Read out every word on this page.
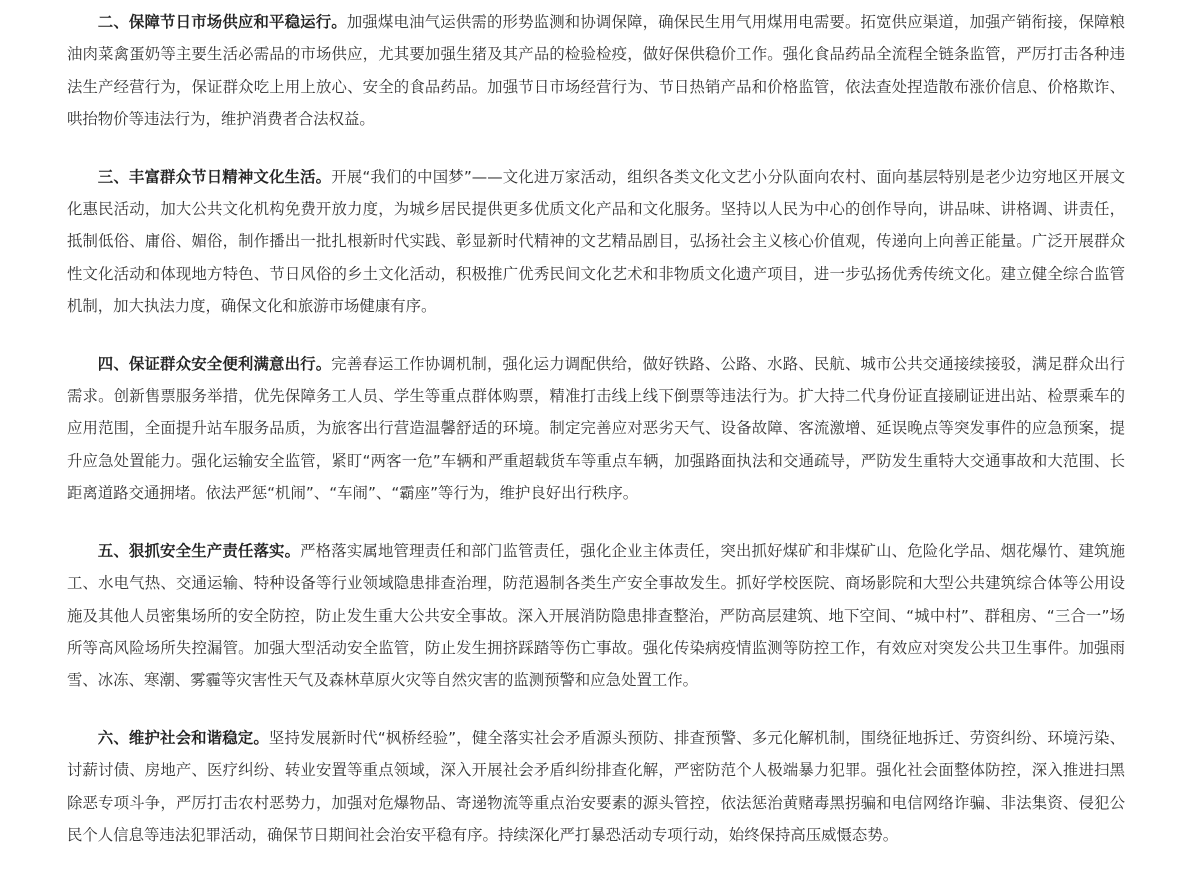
二、保障节日市场供应和平稳运行。加强煤电油气运供需的形势监测和协调保障，确保民生用气用煤用电需要。拓宽供应渠道，加强产销衔接，保障粮油肉菜禽蛋奶等主要生活必需品的市场供应，尤其要加强生猪及其产品的检验检疫，做好保供稳价工作。强化食品药品全流程全链条监管，严厉打击各种违法生产经营行为，保证群众吃上用上放心、安全的食品药品。加强节日市场经营行为、节日热销产品和价格监管，依法查处捏造散布涨价信息、价格欺诈、哄抬物价等违法行为，维护消费者合法权益。

三、丰富群众节日精神文化生活。开展“我们的中国梦”——文化进万家活动，组织各类文化文艺小分队面向农村、面向基层特别是老少边穷地区开展文化惠民活动，加大公共文化机构免费开放力度，为城乡居民提供更多优质文化产品和文化服务。坚持以人民为中心的创作导向，讲品味、讲格调、讲责任，抵制低俗、庸俗、媚俗，制作播出一批扎根新时代实践、彰显新时代精神的文艺精品剧目，弘扬社会主义核心价值观，传递向上向善正能量。广泛开展群众性文化活动和体现地方特色、节日风俗的乡土文化活动，积极推广优秀民间文化艺术和非物质文化遗产项目，进一步弘扬优秀传统文化。建立健全综合监管机制，加大执法力度，确保文化和旅游市场健康有序。

四、保证群众安全便利满意出行。完善春运工作协调机制，强化运力调配供给，做好铁路、公路、水路、民航、城市公共交通接续接驳，满足群众出行需求。创新售票服务举措，优先保障务工人员、学生等重点群体购票，精准打击线上线下倒票等违法行为。扩大持二代身份证直接刷证进出站、检票乘车的应用范围，全面提升站车服务品质，为旅客出行营造温馨舒适的环境。制定完善应对恶劣天气、设备故障、客流激增、延误晚点等突发事件的应急预案，提升应急处置能力。强化运输安全监管，紧盯“两客一危”车辆和严重超载货车等重点车辆，加强路面执法和交通疏导，严防发生重特大交通事故和大范围、长距离道路交通拥堵。依法严惩“机闹”、“车闹”、“霸座”等行为，维护良好出行秩序。

五、狠抓安全生产责任落实。严格落实属地管理责任和部门监管责任，强化企业主体责任，突出抓好煤矿和非煤矿山、危险化学品、烟花爆竹、建筑施工、水电气热、交通运输、特种设备等行业领域隐患排查治理，防范遏制各类生产安全事故发生。抓好学校医院、商场影院和大型公共建筑综合体等公用设施及其他人员密集场所的安全防控，防止发生重大公共安全事故。深入开展消防隐患排查整治，严防高层建筑、地下空间、“城中村”、群租房、“三合一”场所等高风险场所失控漏管。加强大型活动安全监管，防止发生拥挤踩踏等伤亡事故。强化传染病疫情监测等防控工作，有效应对突发公共卫生事件。加强雨雪、冰冻、寒潮、雾霾等灾害性天气及森林草原火灾等自然灾害的监测预警和应急处置工作。

六、维护社会和谐稳定。坚持发展新时代“枫桥经验”，健全落实社会矛盾源头预防、排查预警、多元化解机制，围绕征地拆迁、劳资纠纷、环境污染、讨薪讨债、房地产、医疗纠纷、转业安置等重点领域，深入开展社会矛盾纠纷排查化解，严密防范个人极端暴力犯罪。强化社会面整体防控，深入推进扫黑除恶专项斗争，严厉打击农村恶势力，加强对危爆物品、寄递物流等重点治安要素的源头管控，依法惩治黄赌毒黑拐骗和电信网络诈骗、非法集资、侵犯公民个人信息等违法犯罪活动，确保节日期间社会治安平稳有序。持续深化严打暴恐活动专项行动，始终保持高压威慑态势。
